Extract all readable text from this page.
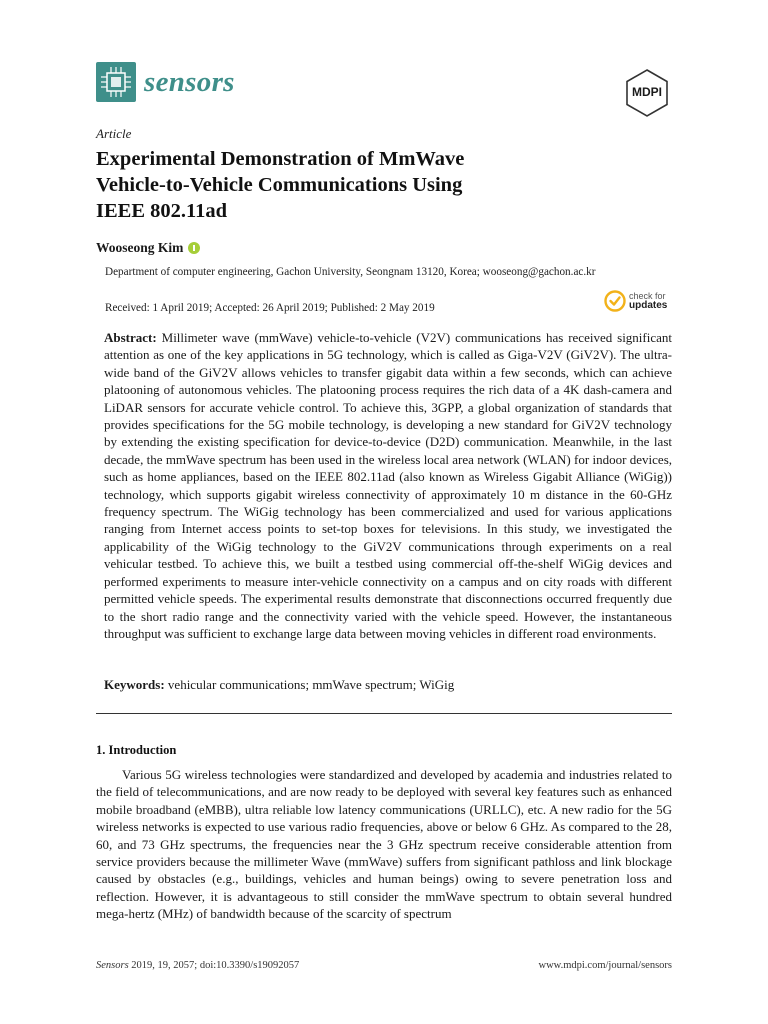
sensors	MDPI
Article
Experimental Demonstration of MmWave
Vehicle-to-Vehicle Communications Using
IEEE 802.11ad
Wooseong Kim
Department of computer engineering, Gachon University, Seongnam 13120, Korea; wooseong@gachon.ac.kr
Received: 1 April 2019; Accepted: 26 April 2019; Published: 2 May 2019
check for
updates

Abstract: Millimeter wave (mmWave) vehicle-to-vehicle (V2V) communications has received significant attention as one of the key applications in 5G technology, which is called as Giga-V2V (GiV2V). The ultra-wide band of the GiV2V allows vehicles to transfer gigabit data within a few seconds, which can achieve platooning of autonomous vehicles. The platooning process requires the rich data of a 4K dash-camera and LiDAR sensors for accurate vehicle control. To achieve this, 3GPP, a global organization of standards that provides specifications for the 5G mobile technology, is developing a new standard for GiV2V technology by extending the existing specification for device-to-device (D2D) communication. Meanwhile, in the last decade, the mmWave spectrum has been used in the wireless local area network (WLAN) for indoor devices, such as home appliances, based on the IEEE 802.11ad (also known as Wireless Gigabit Alliance (WiGig)) technology, which supports gigabit wireless connectivity of approximately 10 m distance in the 60-GHz frequency spectrum. The WiGig technology has been commercialized and used for various applications ranging from Internet access points to set-top boxes for televisions. In this study, we investigated the applicability of the WiGig technology to the GiV2V communications through experiments on a real vehicular testbed. To achieve this, we built a testbed using commercial off-the-shelf WiGig devices and performed experiments to measure inter-vehicle connectivity on a campus and on city roads with different permitted vehicle speeds. The experimental results demonstrate that disconnections occurred frequently due to the short radio range and the connectivity varied with the vehicle speed. However, the instantaneous throughput was sufficient to exchange large data between moving vehicles in different road environments.

Keywords: vehicular communications; mmWave spectrum; WiGig
1. Introduction

Various 5G wireless technologies were standardized and developed by academia and industries related to the field of telecommunications, and are now ready to be deployed with several key features such as enhanced mobile broadband (eMBB), ultra reliable low latency communications (URLLC), etc. A new radio for the 5G wireless networks is expected to use various radio frequencies, above or below 6 GHz. As compared to the 28, 60, and 73 GHz spectrums, the frequencies near the 3 GHz spectrum receive considerable attention from service providers because the millimeter Wave (mmWave) suffers from significant pathloss and link blockage caused by obstacles (e.g., buildings, vehicles and human beings) owing to severe penetration loss and reflection. However, it is advantageous to still consider the mmWave spectrum to obtain several hundred mega-hertz (MHz) of bandwidth because of the scarcity of spectrum

Sensors 2019, 19, 2057; doi:10.3390/s19092057	www.mdpi.com/journal/sensors
